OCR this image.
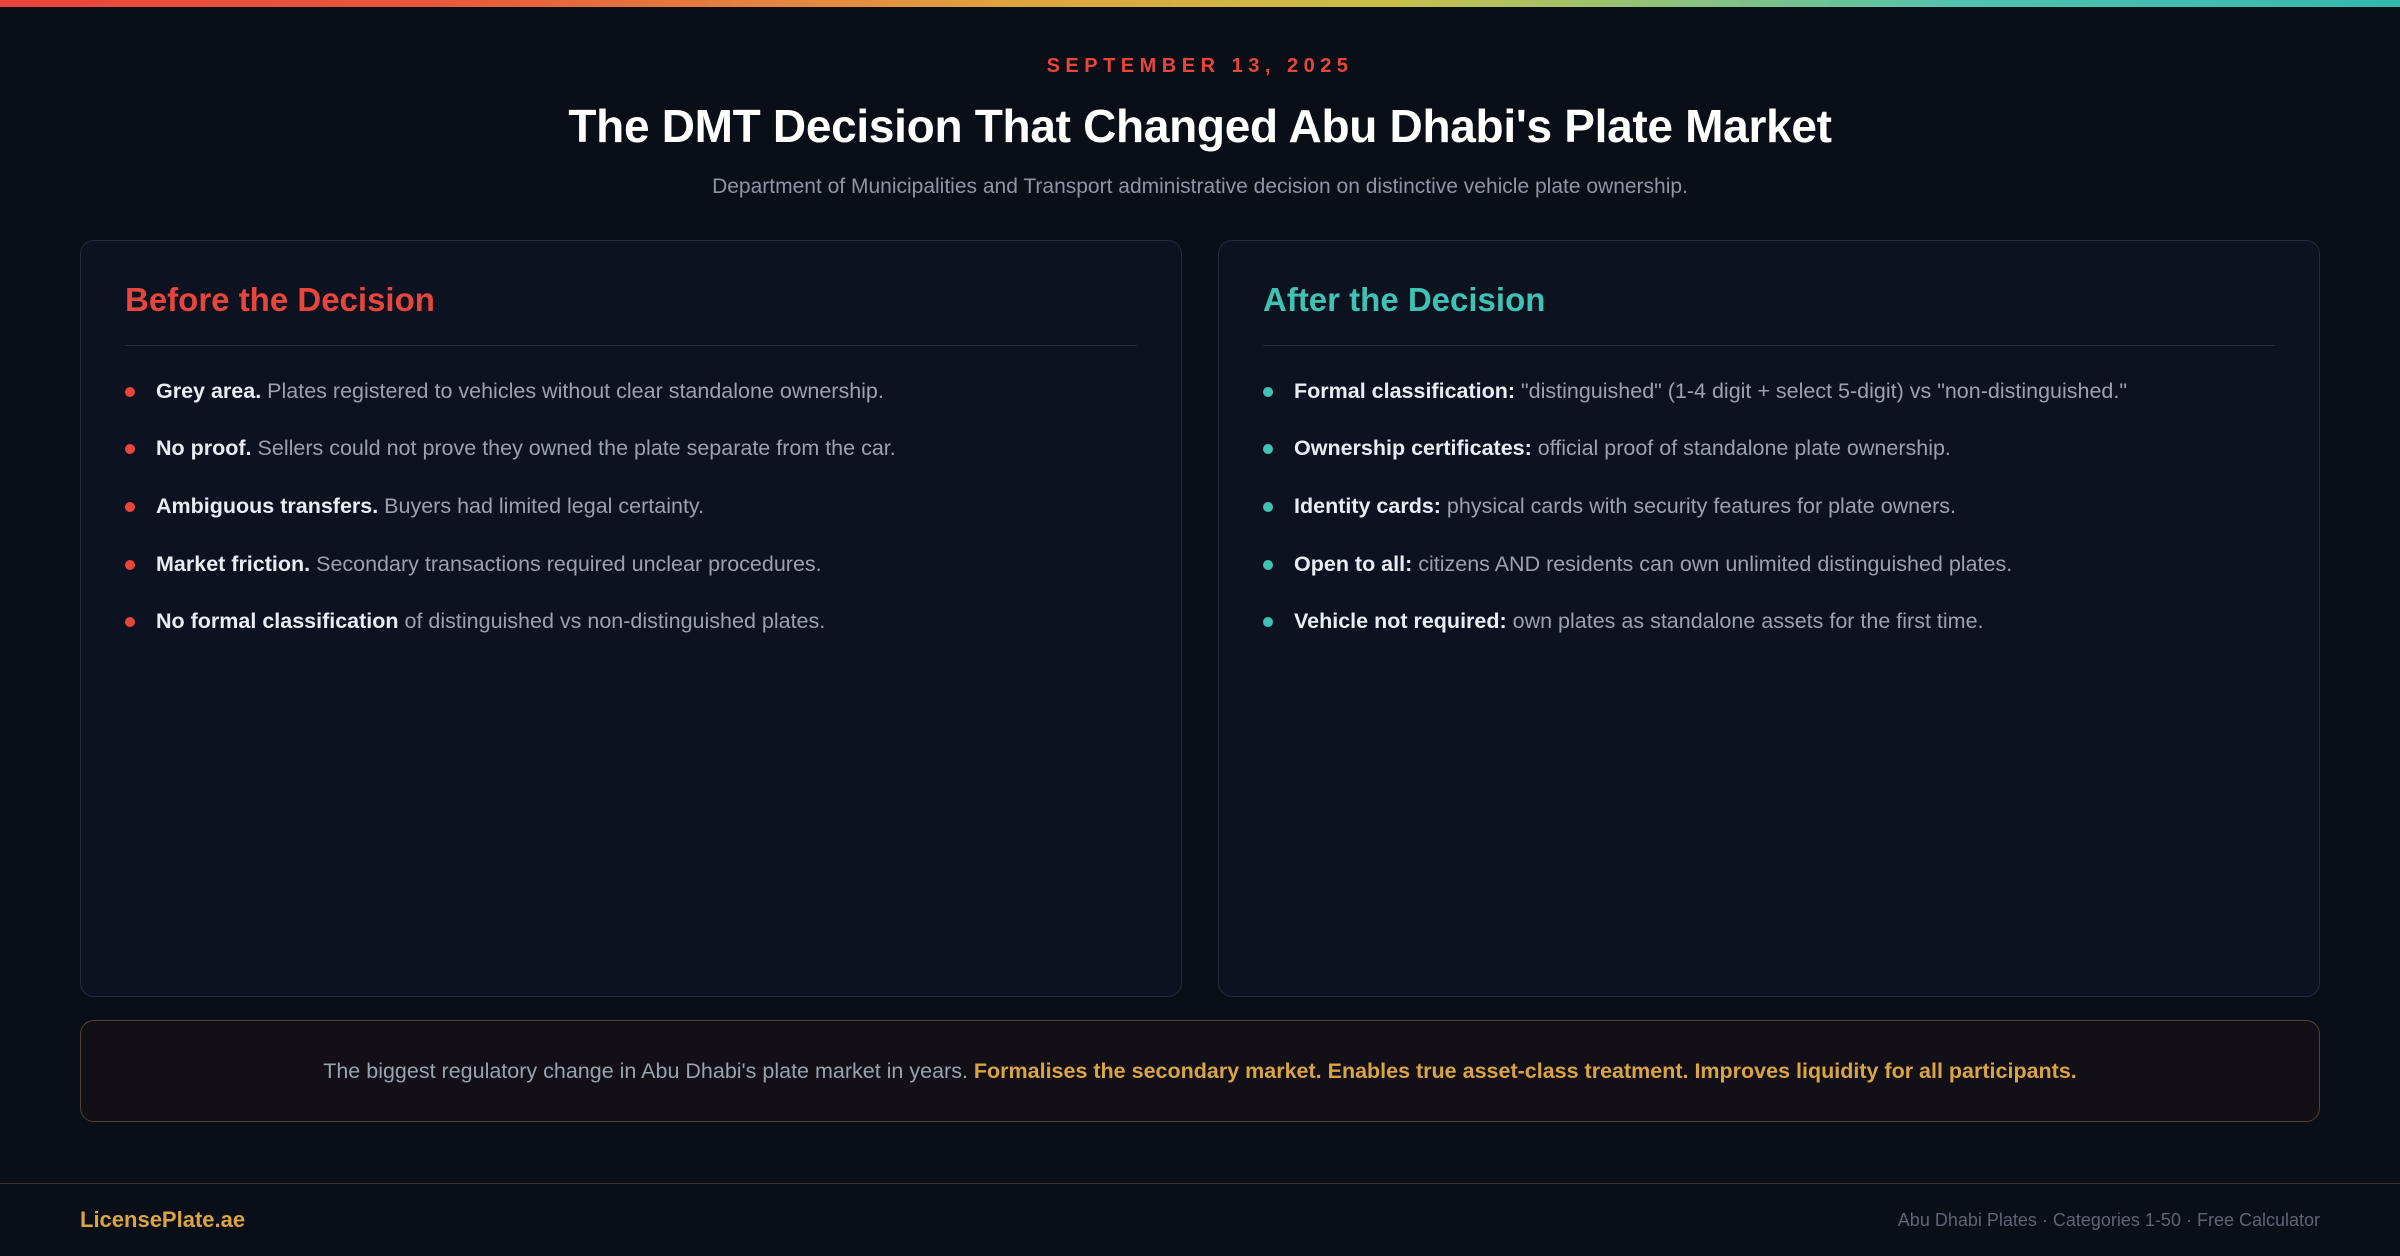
SEPTEMBER 13, 2025
The DMT Decision That Changed Abu Dhabi's Plate Market
Department of Municipalities and Transport administrative decision on distinctive vehicle plate ownership.
Before the Decision
Grey area. Plates registered to vehicles without clear standalone ownership.
No proof. Sellers could not prove they owned the plate separate from the car.
Ambiguous transfers. Buyers had limited legal certainty.
Market friction. Secondary transactions required unclear procedures.
No formal classification of distinguished vs non-distinguished plates.
After the Decision
Formal classification: "distinguished" (1-4 digit + select 5-digit) vs "non-distinguished."
Ownership certificates: official proof of standalone plate ownership.
Identity cards: physical cards with security features for plate owners.
Open to all: citizens AND residents can own unlimited distinguished plates.
Vehicle not required: own plates as standalone assets for the first time.
The biggest regulatory change in Abu Dhabi's plate market in years. Formalises the secondary market. Enables true asset-class treatment. Improves liquidity for all participants.
LicensePlate.ae	Abu Dhabi Plates · Categories 1-50 · Free Calculator
